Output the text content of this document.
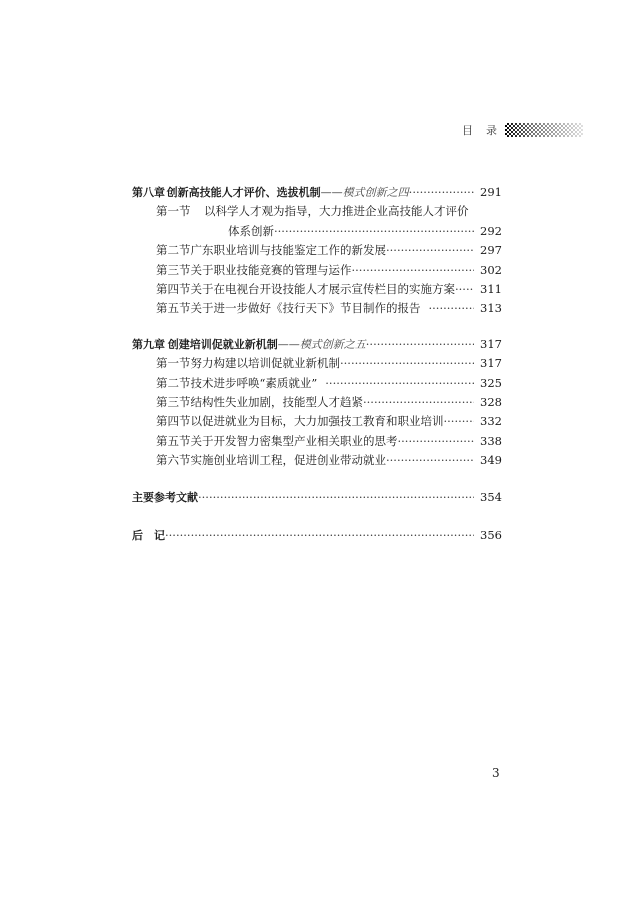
目 录
第八章 创新高技能人才评价、选拔机制 ——模式创新之四 ·····	291
第一节	以科学人才观为指导，大力推进企业高技能人才评价
体系创新 ·····	292
第二节 广东职业培训与技能鉴定工作的新发展 ·····	297
第三节 关于职业技能竞赛的管理与运作 ·····	302
第四节 关于在电视台开设技能人才展示宣传栏目的实施方案 ····· 311
第五节 关于进一步做好《技行天下》节目制作的报告 ·····	313
第九章 创建培训促就业新机制 ——模式创新之五 ·····	317
第一节 努力构建以培训促就业新机制 ·····	317
第二节 技术进步呼唤“素质就业” ·····	325
第三节 结构性失业加剧，技能型人才趋紧 ·····	328
第四节 以促进就业为目标，大力加强技工教育和职业培训 ·····	332
第五节 关于开发智力密集型产业相关职业的思考 ·····	338
第六节 实施创业培训工程，促进创业带动就业 ·····	349
主要参考文献 ·····	354
后　记 ·····	356
3
